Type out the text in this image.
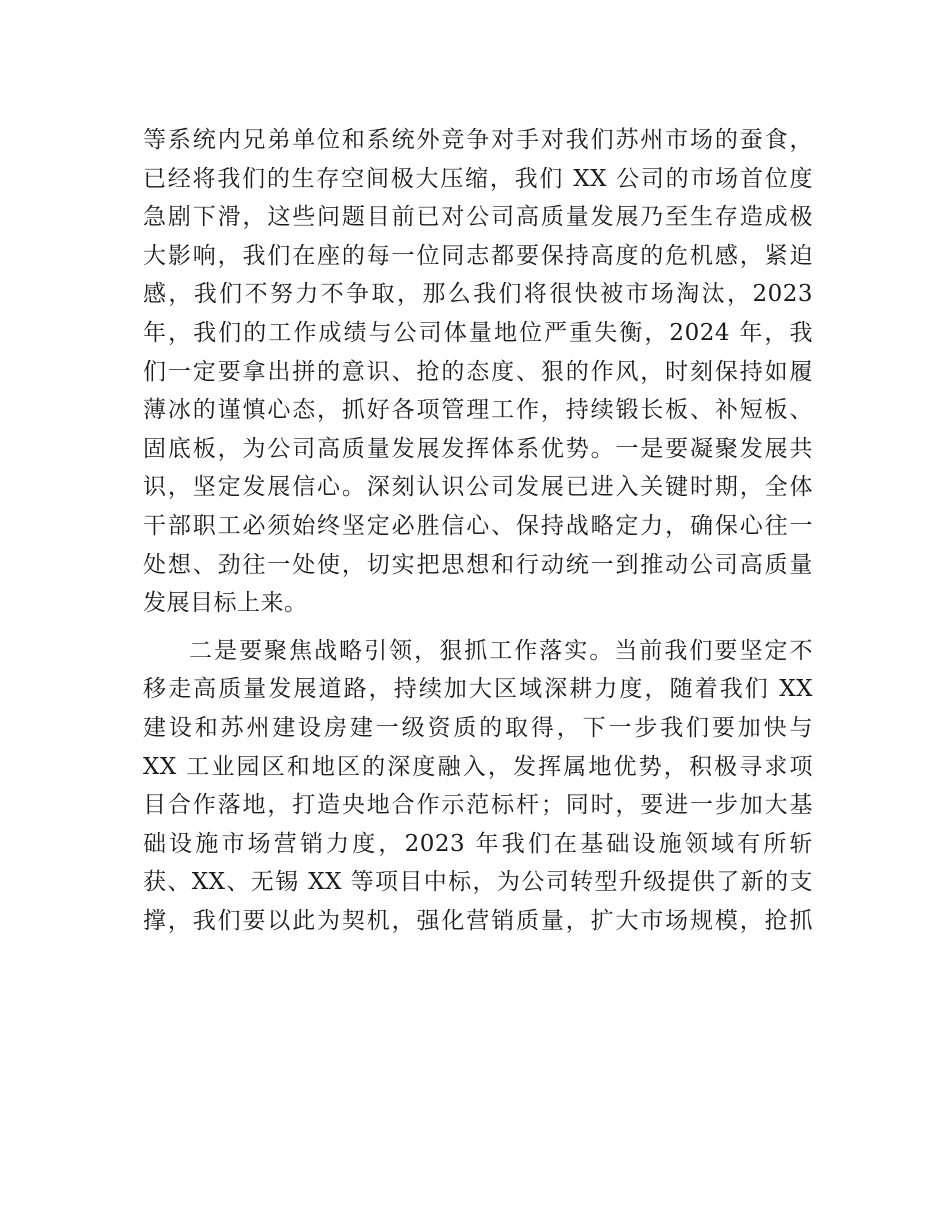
等系统内兄弟单位和系统外竞争对手对我们苏州市场的蚕食，
已经将我们的生存空间极大压缩，我们 XX 公司的市场首位度
急剧下滑，这些问题目前已对公司高质量发展乃至生存造成极
大影响，我们在座的每一位同志都要保持高度的危机感，紧迫
感，我们不努力不争取，那么我们将很快被市场淘汰，2023
年，我们的工作成绩与公司体量地位严重失衡，2024 年，我
们一定要拿出拼的意识、抢的态度、狠的作风，时刻保持如履
薄冰的谨慎心态，抓好各项管理工作，持续锻长板、补短板、
固底板，为公司高质量发展发挥体系优势。一是要凝聚发展共
识，坚定发展信心。深刻认识公司发展已进入关键时期，全体
干部职工必须始终坚定必胜信心、保持战略定力，确保心往一
处想、劲往一处使，切实把思想和行动统一到推动公司高质量
发展目标上来。
二是要聚焦战略引领，狠抓工作落实。当前我们要坚定不
移走高质量发展道路，持续加大区域深耕力度，随着我们 XX
建设和苏州建设房建一级资质的取得，下一步我们要加快与
XX 工业园区和地区的深度融入，发挥属地优势，积极寻求项
目合作落地，打造央地合作示范标杆；同时，要进一步加大基
础设施市场营销力度，2023 年我们在基础设施领域有所斩
获、XX、无锡 XX 等项目中标，为公司转型升级提供了新的支
撑，我们要以此为契机，强化营销质量，扩大市场规模，抢抓
